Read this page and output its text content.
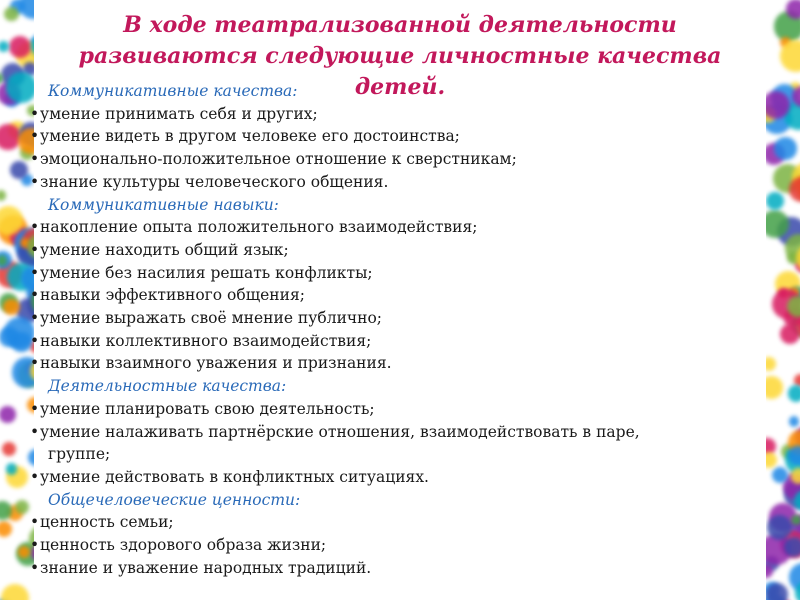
В ходе театрализованной деятельности развиваются следующие личностные качества детей.
Коммуникативные качества:
• умение принимать себя и других;
• умение видеть в другом человеке его достоинства;
• эмоционально-положительное отношение к сверстникам;
• знание культуры человеческого общения.
Коммуникативные навыки:
• накопление опыта положительного взаимодействия;
• умение находить общий язык;
• умение без насилия решать конфликты;
• навыки эффективного общения;
• умение выражать своё мнение публично;
• навыки коллективного взаимодействия;
• навыки взаимного уважения и признания.
Деятельностные качества:
• умение планировать свою деятельность;
• умение налаживать партнёрские отношения, взаимодействовать в паре,
группе;
• умение действовать в конфликтных ситуациях.
Общечеловеческие ценности:
• ценность семьи;
• ценность здорового образа жизни;
• знание и уважение народных традиций.
